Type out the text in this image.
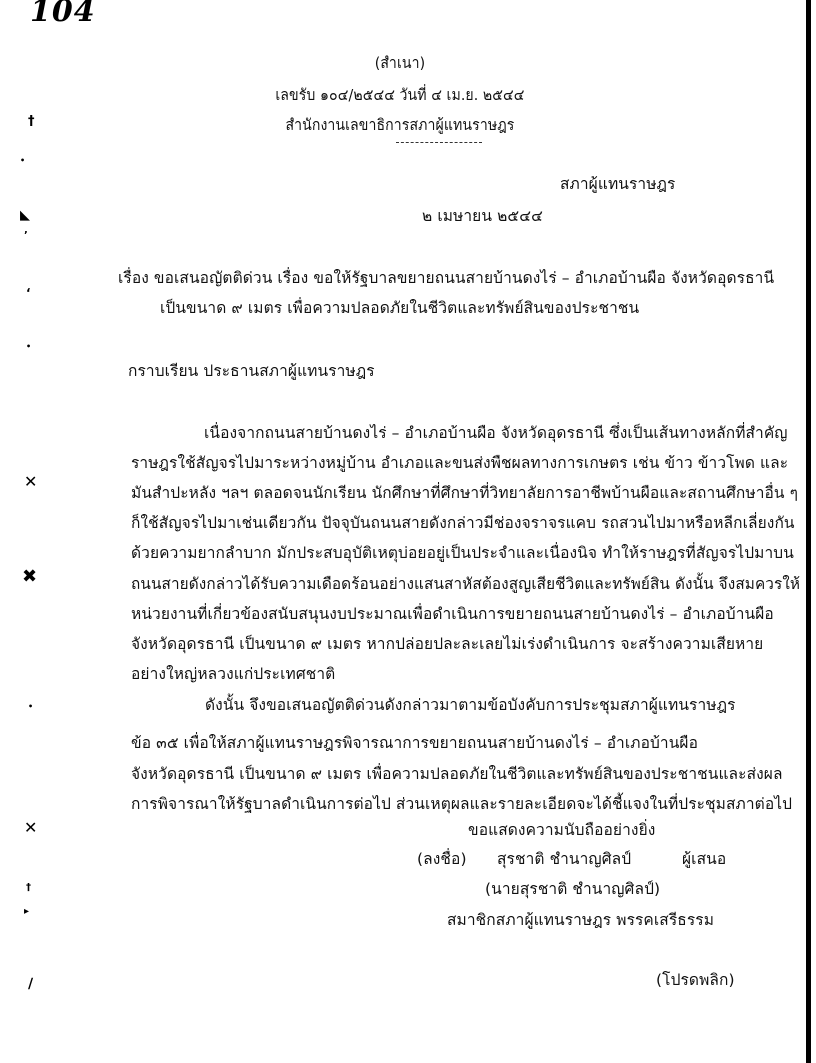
104
†
•
◣
’
‘
•
✕
✖
•
✕
†
▸
∕
(สำเนา)
เลขรับ ๑๐๔/๒๕๔๔ วันที่ ๔ เม.ย. ๒๕๔๔
สำนักงานเลขาธิการสภาผู้แทนราษฎร
สภาผู้แทนราษฎร
๒ เมษายน ๒๕๔๔
เรื่อง ขอเสนอญัตติด่วน เรื่อง ขอให้รัฐบาลขยายถนนสายบ้านดงไร่ – อำเภอบ้านผือ จังหวัดอุดรธานี
เป็นขนาด ๙ เมตร เพื่อความปลอดภัยในชีวิตและทรัพย์สินของประชาชน
กราบเรียน ประธานสภาผู้แทนราษฎร
เนื่องจากถนนสายบ้านดงไร่ – อำเภอบ้านผือ จังหวัดอุดรธานี ซึ่งเป็นเส้นทางหลักที่สำคัญ
ราษฎรใช้สัญจรไปมาระหว่างหมู่บ้าน อำเภอและขนส่งพืชผลทางการเกษตร เช่น ข้าว ข้าวโพด และ
มันสำปะหลัง ฯลฯ ตลอดจนนักเรียน นักศึกษาที่ศึกษาที่วิทยาลัยการอาชีพบ้านผือและสถานศึกษาอื่น ๆ
ก็ใช้สัญจรไปมาเช่นเดียวกัน ปัจจุบันถนนสายดังกล่าวมีช่องจราจรแคบ รถสวนไปมาหรือหลีกเลี่ยงกัน
ด้วยความยากลำบาก มักประสบอุบัติเหตุบ่อยอยู่เป็นประจำและเนื่องนิจ ทำให้ราษฎรที่สัญจรไปมาบน
ถนนสายดังกล่าวได้รับความเดือดร้อนอย่างแสนสาหัสต้องสูญเสียชีวิตและทรัพย์สิน ดังนั้น จึงสมควรให้
หน่วยงานที่เกี่ยวข้องสนับสนุนงบประมาณเพื่อดำเนินการขยายถนนสายบ้านดงไร่ – อำเภอบ้านผือ
จังหวัดอุดรธานี เป็นขนาด ๙ เมตร หากปล่อยปละละเลยไม่เร่งดำเนินการ จะสร้างความเสียหาย
อย่างใหญ่หลวงแก่ประเทศชาติ
ดังนั้น จึงขอเสนอญัตติด่วนดังกล่าวมาตามข้อบังคับการประชุมสภาผู้แทนราษฎร
ข้อ ๓๕ เพื่อให้สภาผู้แทนราษฎรพิจารณาการขยายถนนสายบ้านดงไร่ – อำเภอบ้านผือ
จังหวัดอุดรธานี เป็นขนาด ๙ เมตร เพื่อความปลอดภัยในชีวิตและทรัพย์สินของประชาชนและส่งผล
การพิจารณาให้รัฐบาลดำเนินการต่อไป ส่วนเหตุผลและรายละเอียดจะได้ชี้แจงในที่ประชุมสภาต่อไป
ขอแสดงความนับถืออย่างยิ่ง
(ลงชื่อ) สุรชาติ ชำนาญศิลป์	ผู้เสนอ
(นายสุรชาติ ชำนาญศิลป์)
สมาชิกสภาผู้แทนราษฎร พรรคเสรีธรรม
(โปรดพลิก)
